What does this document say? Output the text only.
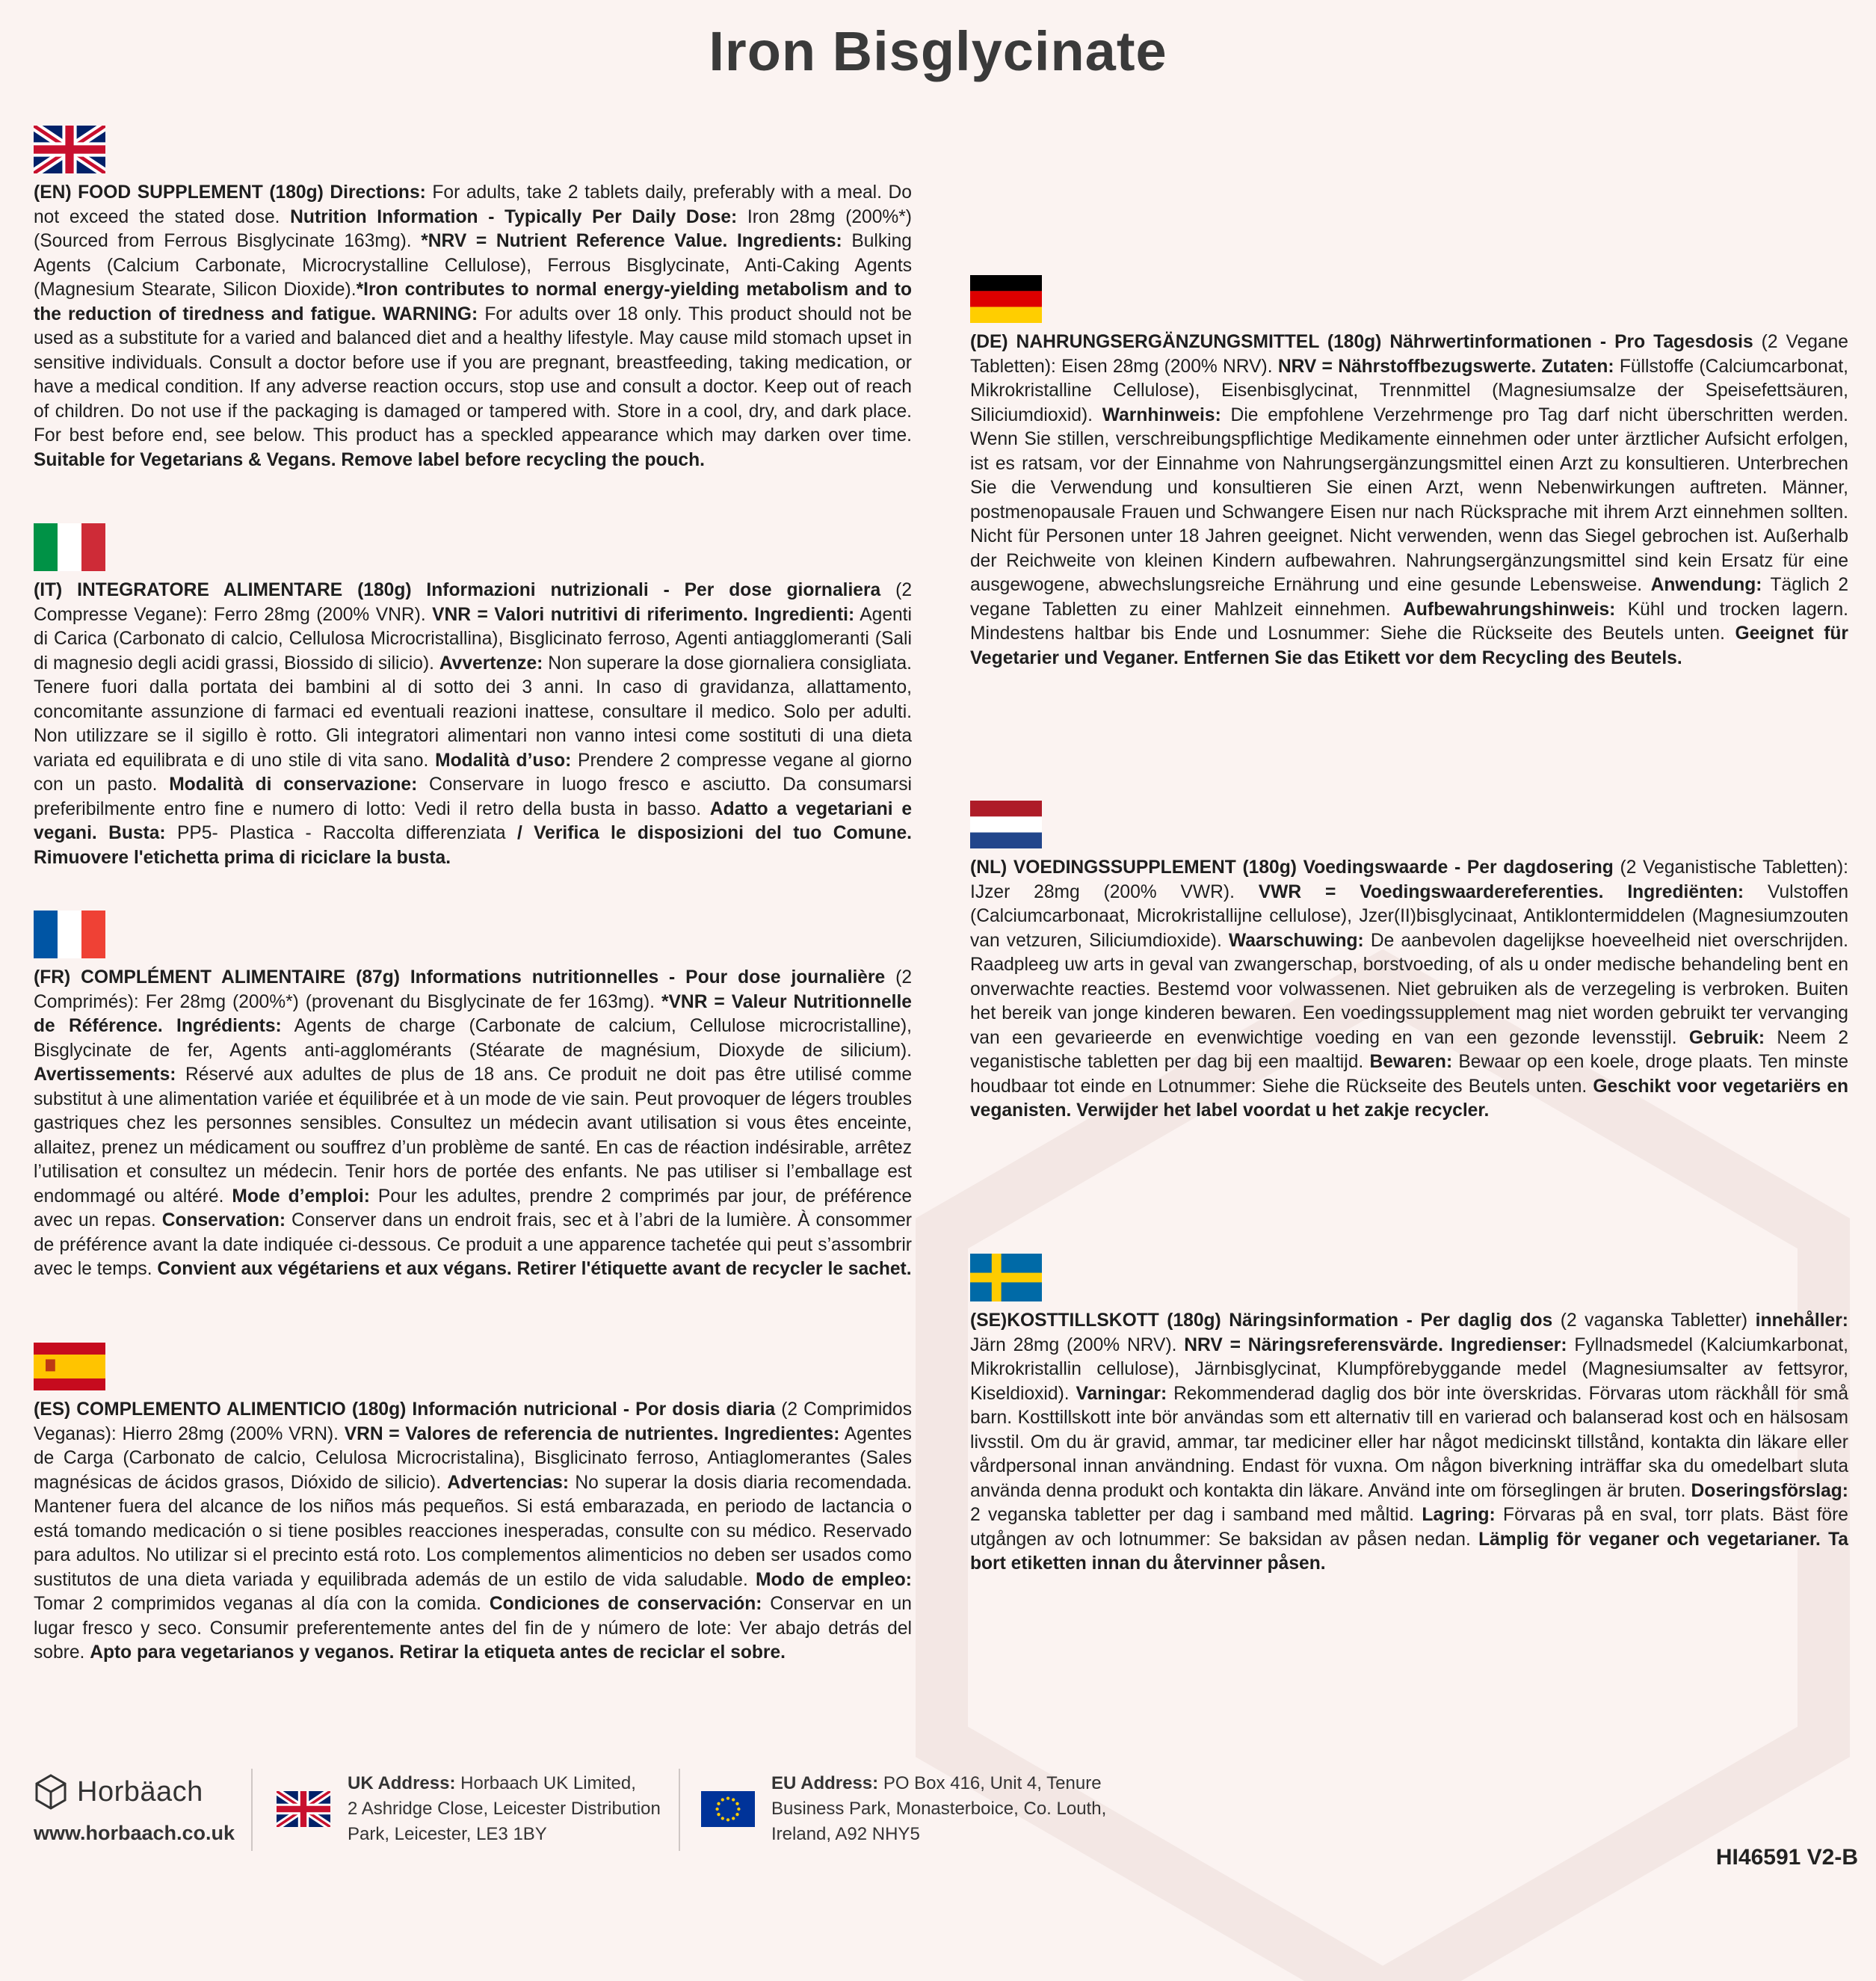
Iron Bisglycinate
(EN) FOOD SUPPLEMENT (180g) Directions: For adults, take 2 tablets daily, preferably with a meal. Do not exceed the stated dose. Nutrition Information - Typically Per Daily Dose: Iron 28mg (200%*) (Sourced from Ferrous Bisglycinate 163mg). *NRV = Nutrient Reference Value. Ingredients: Bulking Agents (Calcium Carbonate, Microcrystalline Cellulose), Ferrous Bisglycinate, Anti-Caking Agents (Magnesium Stearate, Silicon Dioxide).*Iron contributes to normal energy-yielding metabolism and to the reduction of tiredness and fatigue. WARNING: For adults over 18 only. This product should not be used as a substitute for a varied and balanced diet and a healthy lifestyle. May cause mild stomach upset in sensitive individuals. Consult a doctor before use if you are pregnant, breastfeeding, taking medication, or have a medical condition. If any adverse reaction occurs, stop use and consult a doctor. Keep out of reach of children. Do not use if the packaging is damaged or tampered with. Store in a cool, dry, and dark place. For best before end, see below. This product has a speckled appearance which may darken over time. Suitable for Vegetarians & Vegans. Remove label before recycling the pouch.
(IT) INTEGRATORE ALIMENTARE (180g) Informazioni nutrizionali - Per dose giornaliera (2 Compresse Vegane): Ferro 28mg (200% VNR). VNR = Valori nutritivi di riferimento. Ingredienti: Agenti di Carica (Carbonato di calcio, Cellulosa Microcristallina), Bisglicinato ferroso, Agenti antiagglomeranti (Sali di magnesio degli acidi grassi, Biossido di silicio). Avvertenze: Non superare la dose giornaliera consigliata. Tenere fuori dalla portata dei bambini al di sotto dei 3 anni. In caso di gravidanza, allattamento, concomitante assunzione di farmaci ed eventuali reazioni inattese, consultare il medico. Solo per adulti. Non utilizzare se il sigillo è rotto. Gli integratori alimentari non vanno intesi come sostituti di una dieta variata ed equilibrata e di uno stile di vita sano. Modalità d’uso: Prendere 2 compresse vegane al giorno con un pasto. Modalità di conservazione: Conservare in luogo fresco e asciutto. Da consumarsi preferibilmente entro fine e numero di lotto: Vedi il retro della busta in basso. Adatto a vegetariani e vegani. Busta: PP5- Plastica - Raccolta differenziata / Verifica le disposizioni del tuo Comune. Rimuovere l'etichetta prima di riciclare la busta.
(FR) COMPLÉMENT ALIMENTAIRE (87g) Informations nutritionnelles - Pour dose journalière (2 Comprimés): Fer 28mg (200%*) (provenant du Bisglycinate de fer 163mg). *VNR = Valeur Nutritionnelle de Référence. Ingrédients: Agents de charge (Carbonate de calcium, Cellulose microcristalline), Bisglycinate de fer, Agents anti-agglomérants (Stéarate de magnésium, Dioxyde de silicium). Avertissements: Réservé aux adultes de plus de 18 ans. Ce produit ne doit pas être utilisé comme substitut à une alimentation variée et équilibrée et à un mode de vie sain. Peut provoquer de légers troubles gastriques chez les personnes sensibles. Consultez un médecin avant utilisation si vous êtes enceinte, allaitez, prenez un médicament ou souffrez d’un problème de santé. En cas de réaction indésirable, arrêtez l’utilisation et consultez un médecin. Tenir hors de portée des enfants. Ne pas utiliser si l’emballage est endommagé ou altéré. Mode d’emploi: Pour les adultes, prendre 2 comprimés par jour, de préférence avec un repas. Conservation: Conserver dans un endroit frais, sec et à l’abri de la lumière. À consommer de préférence avant la date indiquée ci-dessous. Ce produit a une apparence tachetée qui peut s’assombrir avec le temps. Convient aux végétariens et aux végans. Retirer l'étiquette avant de recycler le sachet.
(ES) COMPLEMENTO ALIMENTICIO (180g) Información nutricional - Por dosis diaria (2 Comprimidos Veganas): Hierro 28mg (200% VRN). VRN = Valores de referencia de nutrientes. Ingredientes: Agentes de Carga (Carbonato de calcio, Celulosa Microcristalina), Bisglicinato ferroso, Antiaglomerantes (Sales magnésicas de ácidos grasos, Dióxido de silicio). Advertencias: No superar la dosis diaria recomendada. Mantener fuera del alcance de los niños más pequeños. Si está embarazada, en periodo de lactancia o está tomando medicación o si tiene posibles reacciones inesperadas, consulte con su médico. Reservado para adultos. No utilizar si el precinto está roto. Los complementos alimenticios no deben ser usados como sustitutos de una dieta variada y equilibrada además de un estilo de vida saludable. Modo de empleo: Tomar 2 comprimidos veganas al día con la comida. Condiciones de conservación: Conservar en un lugar fresco y seco. Consumir preferentemente antes del fin de y número de lote: Ver abajo detrás del sobre. Apto para vegetarianos y veganos. Retirar la etiqueta antes de reciclar el sobre.
(DE) NAHRUNGSERGÄNZUNGSMITTEL (180g) Nährwertinformationen - Pro Tagesdosis (2 Vegane Tabletten): Eisen 28mg (200% NRV). NRV = Nährstoffbezugswerte. Zutaten: Füllstoffe (Calciumcarbonat, Mikrokristalline Cellulose), Eisenbisglycinat, Trennmittel (Magnesiumsalze der Speisefettsäuren, Siliciumdioxid). Warnhinweis: Die empfohlene Verzehrmenge pro Tag darf nicht überschritten werden. Wenn Sie stillen, verschreibungspflichtige Medikamente einnehmen oder unter ärztlicher Aufsicht erfolgen, ist es ratsam, vor der Einnahme von Nahrungsergänzungsmittel einen Arzt zu konsultieren. Unterbrechen Sie die Verwendung und konsultieren Sie einen Arzt, wenn Nebenwirkungen auftreten. Männer, postmenopausale Frauen und Schwangere Eisen nur nach Rücksprache mit ihrem Arzt einnehmen sollten. Nicht für Personen unter 18 Jahren geeignet. Nicht verwenden, wenn das Siegel gebrochen ist. Außerhalb der Reichweite von kleinen Kindern aufbewahren. Nahrungsergänzungsmittel sind kein Ersatz für eine ausgewogene, abwechslungsreiche Ernährung und eine gesunde Lebensweise. Anwendung: Täglich 2 vegane Tabletten zu einer Mahlzeit einnehmen. Aufbewahrungshinweis: Kühl und trocken lagern. Mindestens haltbar bis Ende und Losnummer: Siehe die Rückseite des Beutels unten. Geeignet für Vegetarier und Veganer. Entfernen Sie das Etikett vor dem Recycling des Beutels.
(NL) VOEDINGSSUPPLEMENT (180g) Voedingswaarde - Per dagdosering (2 Veganistische Tabletten): IJzer 28mg (200% VWR). VWR = Voedingswaardereferenties. Ingrediënten: Vulstoffen (Calciumcarbonaat, Microkristallijne cellulose), Jzer(II)bisglycinaat, Antiklontermiddelen (Magnesiumzouten van vetzuren, Siliciumdioxide). Waarschuwing: De aanbevolen dagelijkse hoeveelheid niet overschrijden. Raadpleeg uw arts in geval van zwangerschap, borstvoeding, of als u onder medische behandeling bent en onverwachte reacties. Bestemd voor volwassenen. Niet gebruiken als de verzegeling is verbroken. Buiten het bereik van jonge kinderen bewaren. Een voedingssupplement mag niet worden gebruikt ter vervanging van een gevarieerde en evenwichtige voeding en van een gezonde levensstijl. Gebruik: Neem 2 veganistische tabletten per dag bij een maaltijd. Bewaren: Bewaar op een koele, droge plaats. Ten minste houdbaar tot einde en Lotnummer: Siehe die Rückseite des Beutels unten. Geschikt voor vegetariërs en veganisten. Verwijder het label voordat u het zakje recycler.
(SE)KOSTTILLSKOTT (180g) Näringsinformation - Per daglig dos (2 vaganska Tabletter) innehåller: Järn 28mg (200% NRV). NRV = Näringsreferensvärde. Ingredienser: Fyllnadsmedel (Kalciumkarbonat, Mikrokristallin cellulose), Järnbisglycinat, Klumpförebyggande medel (Magnesiumsalter av fettsyror, Kiseldioxid). Varningar: Rekommenderad daglig dos bör inte överskridas. Förvaras utom räckhåll för små barn. Kosttillskott inte bör användas som ett alternativ till en varierad och balanserad kost och en hälsosam livsstil. Om du är gravid, ammar, tar mediciner eller har något medicinskt tillstånd, kontakta din läkare eller vårdpersonal innan användning. Endast för vuxna. Om någon biverkning inträffar ska du omedelbart sluta använda denna produkt och kontakta din läkare. Använd inte om förseglingen är bruten. Doseringsförslag: 2 veganska tabletter per dag i samband med måltid. Lagring: Förvaras på en sval, torr plats. Bäst före utgången av och lotnummer: Se baksidan av påsen nedan. Lämplig för veganer och vegetarianer. Ta bort etiketten innan du återvinner påsen.
Horbäach
www.horbaach.co.uk
UK Address: Horbaach UK Limited,
2 Ashridge Close, Leicester Distribution
Park, Leicester, LE3 1BY
EU Address: PO Box 416, Unit 4, Tenure
Business Park, Monasterboice, Co. Louth,
Ireland, A92 NHY5
HI46591 V2-B
